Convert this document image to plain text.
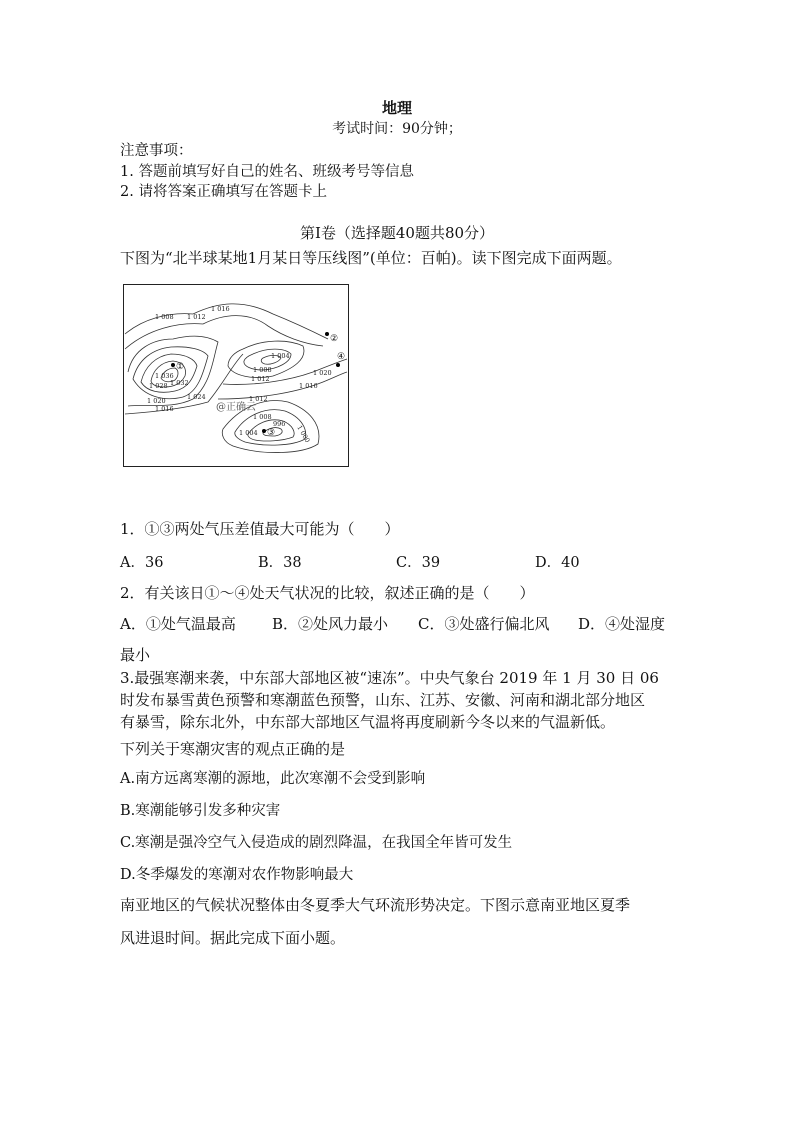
地理
考试时间：90分钟；
注意事项：
1. 答题前填写好自己的姓名、班级考号等信息
2. 请将答案正确填写在答题卡上
第I卷（选择题40题共80分）
下图为“北半球某地1月某日等压线图”(单位：百帕)。读下图完成下面两题。
1 016
1 012
1 008
1 036
1 032
1 028
1 024
1 020
1 016
1 004
1 008
1 012
1 016
1 020
1 012
1 008
1 004
996 1 000
①
②
③
④
@正确云
1．①③两处气压差值最大可能为（　　）
A．36	B．38	C．39	D．40
2．有关该日①～④处天气状况的比较，叙述正确的是（　　）
A．①处气温最高 B．②处风力最小 C．③处盛行偏北风 D．④处湿度
最小
3.最强寒潮来袭，中东部大部地区被“速冻”。中央气象台 2019 年 1 月 30 日 06
时发布暴雪黄色预警和寒潮蓝色预警，山东、江苏、安徽、河南和湖北部分地区
有暴雪，除东北外，中东部大部地区气温将再度刷新今冬以来的气温新低。
下列关于寒潮灾害的观点正确的是
A.南方远离寒潮的源地，此次寒潮不会受到影响
B.寒潮能够引发多种灾害
C.寒潮是强冷空气入侵造成的剧烈降温，在我国全年皆可发生
D.冬季爆发的寒潮对农作物影响最大
南亚地区的气候状况整体由冬夏季大气环流形势决定。下图示意南亚地区夏季
风进退时间。据此完成下面小题。
